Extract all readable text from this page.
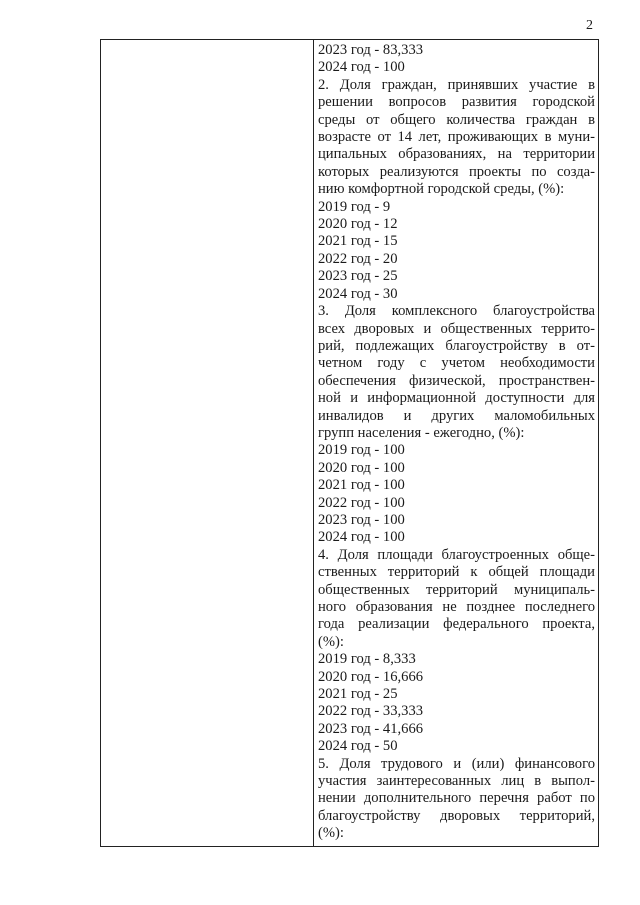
2
2023 год - 83,333
2024 год - 100
2. Доля граждан, принявших участие в
решении вопросов развития городской
среды от общего количества граждан в
возрасте от 14 лет, проживающих в муни-
ципальных образованиях, на территории
которых реализуются проекты по созда-
нию комфортной городской среды, (%):
2019 год - 9
2020 год - 12
2021 год - 15
2022 год - 20
2023 год - 25
2024 год - 30
3. Доля комплексного благоустройства
всех дворовых и общественных террито-
рий, подлежащих благоустройству в от-
четном году с учетом необходимости
обеспечения физической, пространствен-
ной и информационной доступности для
инвалидов и других маломобильных
групп населения - ежегодно, (%):
2019 год - 100
2020 год - 100
2021 год - 100
2022 год - 100
2023 год - 100
2024 год - 100
4. Доля площади благоустроенных обще-
ственных территорий к общей площади
общественных территорий муниципаль-
ного образования не позднее последнего
года реализации федерального проекта,
(%):
2019 год - 8,333
2020 год - 16,666
2021 год - 25
2022 год - 33,333
2023 год - 41,666
2024 год - 50
5. Доля трудового и (или) финансового
участия заинтересованных лиц в выпол-
нении дополнительного перечня работ по
благоустройству дворовых территорий,
(%):
